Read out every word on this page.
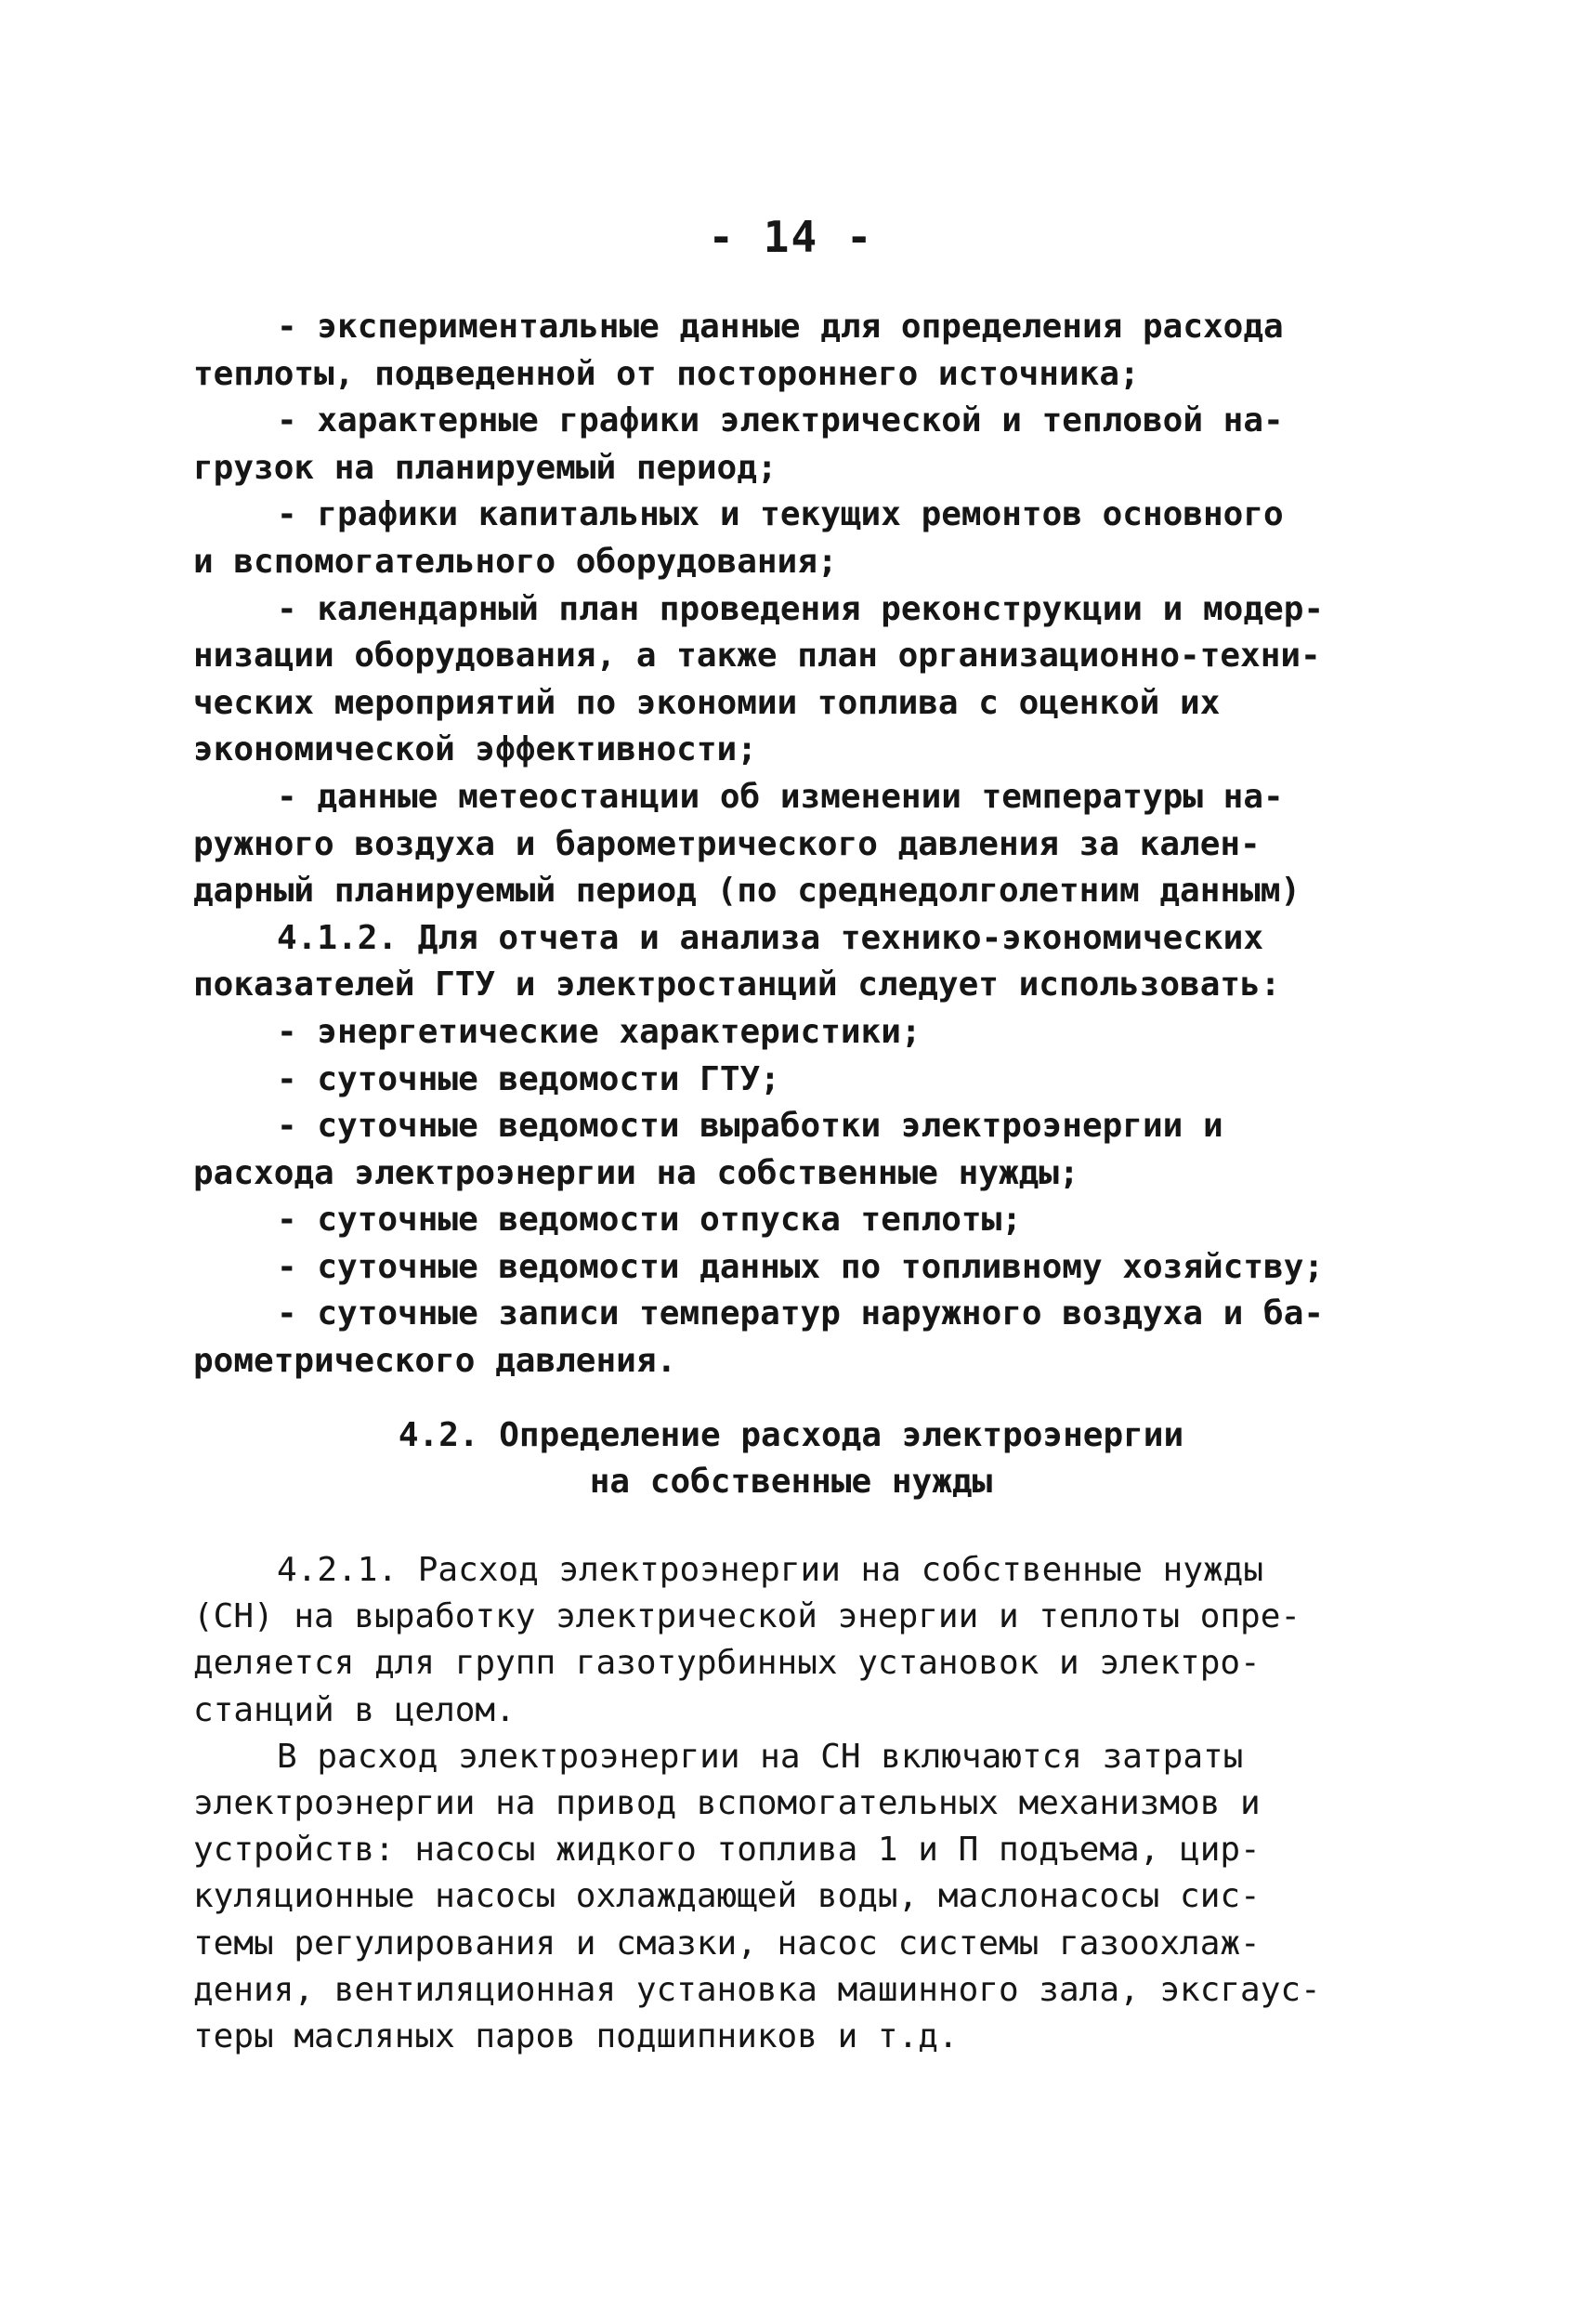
- 14 -
- экспериментальные данные для определения расхода
теплоты, подведенной от постороннего источника;
- характерные графики электрической и тепловой на-
грузок на планируемый период;
- графики капитальных и текущих ремонтов основного
и вспомогательного оборудования;
- календарный план проведения реконструкции и модер-
низации оборудования, а также план организационно-техни-
ческих мероприятий по экономии топлива с оценкой их
экономической эффективности;
- данные метеостанции об изменении температуры на-
ружного воздуха и барометрического давления за кален-
дарный планируемый период (по среднедолголетним данным)
4.1.2. Для отчета и анализа технико-экономических
показателей ГТУ и электростанций следует использовать:
- энергетические характеристики;
- суточные ведомости ГТУ;
- суточные ведомости выработки электроэнергии и
расхода электроэнергии на собственные нужды;
- суточные ведомости отпуска теплоты;
- суточные ведомости данных по топливному хозяйству;
- суточные записи температур наружного воздуха и ба-
рометрического давления.
4.2. Определение расхода электроэнергии
на собственные нужды
4.2.1. Расход электроэнергии на собственные нужды
(СН) на выработку электрической энергии и теплоты опре-
деляется для групп газотурбинных установок и электро-
станций в целом.
В расход электроэнергии на СН включаются затраты
электроэнергии на привод вспомогательных механизмов и
устройств: насосы жидкого топлива 1 и П подъема, цир-
куляционные насосы охлаждающей воды, маслонасосы сис-
темы регулирования и смазки, насос системы газоохлаж-
дения, вентиляционная установка машинного зала, эксгаус-
теры масляных паров подшипников и т.д.
